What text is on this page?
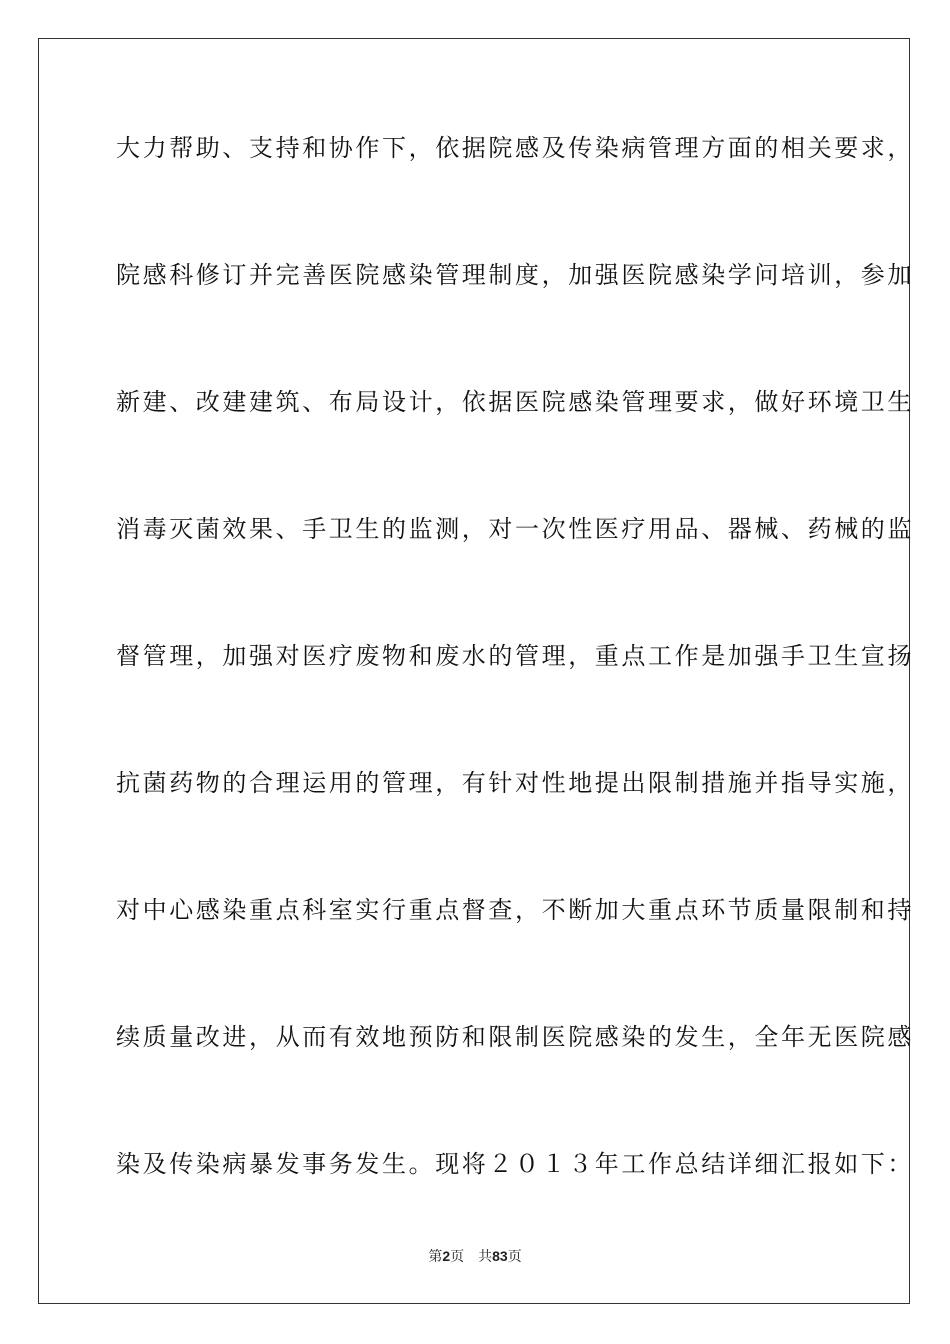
大力帮助、支持和协作下，依据院感及传染病管理方面的相关要求，
院感科修订并完善医院感染管理制度，加强医院感染学问培训，参加
新建、改建建筑、布局设计，依据医院感染管理要求，做好环境卫生
消毒灭菌效果、手卫生的监测，对一次性医疗用品、器械、药械的监
督管理，加强对医疗废物和废水的管理，重点工作是加强手卫生宣扬
抗菌药物的合理运用的管理，有针对性地提出限制措施并指导实施，
对中心感染重点科室实行重点督查，不断加大重点环节质量限制和持
续质量改进，从而有效地预防和限制医院感染的发生，全年无医院感
染及传染病暴发事务发生。现将２０１３年工作总结详细汇报如下：
第2页 共83页
